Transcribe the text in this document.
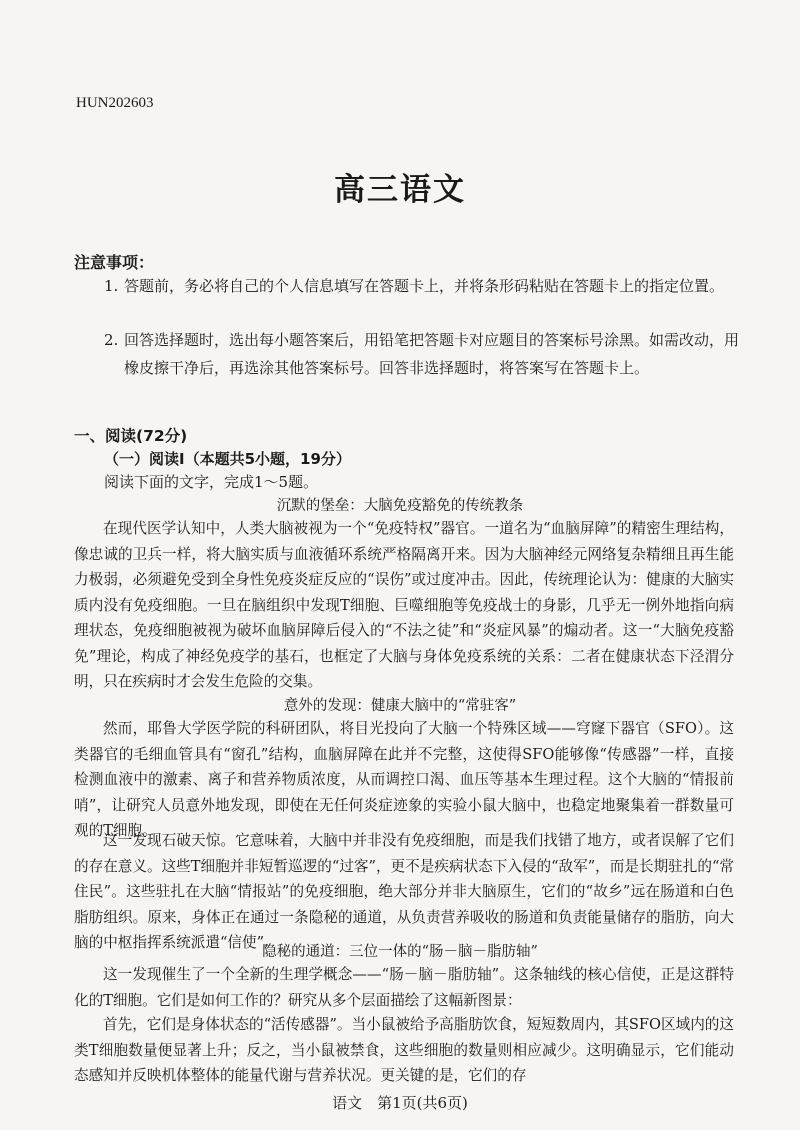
HUN202603
高三语文
注意事项：
1. 答题前，务必将自己的个人信息填写在答题卡上，并将条形码粘贴在答题卡上的指定位置。
2. 回答选择题时，选出每小题答案后，用铅笔把答题卡对应题目的答案标号涂黑。如需改动，用橡皮擦干净后，再选涂其他答案标号。回答非选择题时，将答案写在答题卡上。
一、阅读(72分)
（一）阅读Ⅰ（本题共5小题，19分）
阅读下面的文字，完成1～5题。
沉默的堡垒：大脑免疫豁免的传统教条

在现代医学认知中，人类大脑被视为一个“免疫特权”器官。一道名为“血脑屏障”的精密生理结构，像忠诚的卫兵一样，将大脑实质与血液循环系统严格隔离开来。因为大脑神经元网络复杂精细且再生能力极弱，必须避免受到全身性免疫炎症反应的“误伤”或过度冲击。因此，传统理论认为：健康的大脑实质内没有免疫细胞。一旦在脑组织中发现T细胞、巨噬细胞等免疫战士的身影，几乎无一例外地指向病理状态，免疫细胞被视为破坏血脑屏障后侵入的“不法之徒”和“炎症风暴”的煽动者。这一“大脑免疫豁免”理论，构成了神经免疫学的基石，也框定了大脑与身体免疫系统的关系：二者在健康状态下泾渭分明，只在疾病时才会发生危险的交集。

意外的发现：健康大脑中的“常驻客”

然而，耶鲁大学医学院的科研团队，将目光投向了大脑一个特殊区域——穹窿下器官（SFO）。这类器官的毛细血管具有“窗孔”结构，血脑屏障在此并不完整，这使得SFO能够像“传感器”一样，直接检测血液中的激素、离子和营养物质浓度，从而调控口渴、血压等基本生理过程。这个大脑的“情报前哨”，让研究人员意外地发现，即使在无任何炎症迹象的实验小鼠大脑中，也稳定地聚集着一群数量可观的T细胞。

这一发现石破天惊。它意味着，大脑中并非没有免疫细胞，而是我们找错了地方，或者误解了它们的存在意义。这些T细胞并非短暂巡逻的“过客”，更不是疾病状态下入侵的“敌军”，而是长期驻扎的“常住民”。这些驻扎在大脑“情报站”的免疫细胞，绝大部分并非大脑原生，它们的“故乡”远在肠道和白色脂肪组织。原来，身体正在通过一条隐秘的通道，从负责营养吸收的肠道和负责能量储存的脂肪，向大脑的中枢指挥系统派遣“信使”。

隐秘的通道：三位一体的“肠－脑－脂肪轴”

这一发现催生了一个全新的生理学概念——“肠－脑－脂肪轴”。这条轴线的核心信使，正是这群特化的T细胞。它们是如何工作的？研究从多个层面描绘了这幅新图景：

首先，它们是身体状态的“活传感器”。当小鼠被给予高脂肪饮食，短短数周内，其SFO区域内的这类T细胞数量便显著上升；反之，当小鼠被禁食，这些细胞的数量则相应减少。这明确显示，它们能动态感知并反映机体整体的能量代谢与营养状况。更关键的是，它们的存

语文　第1页(共6页)
